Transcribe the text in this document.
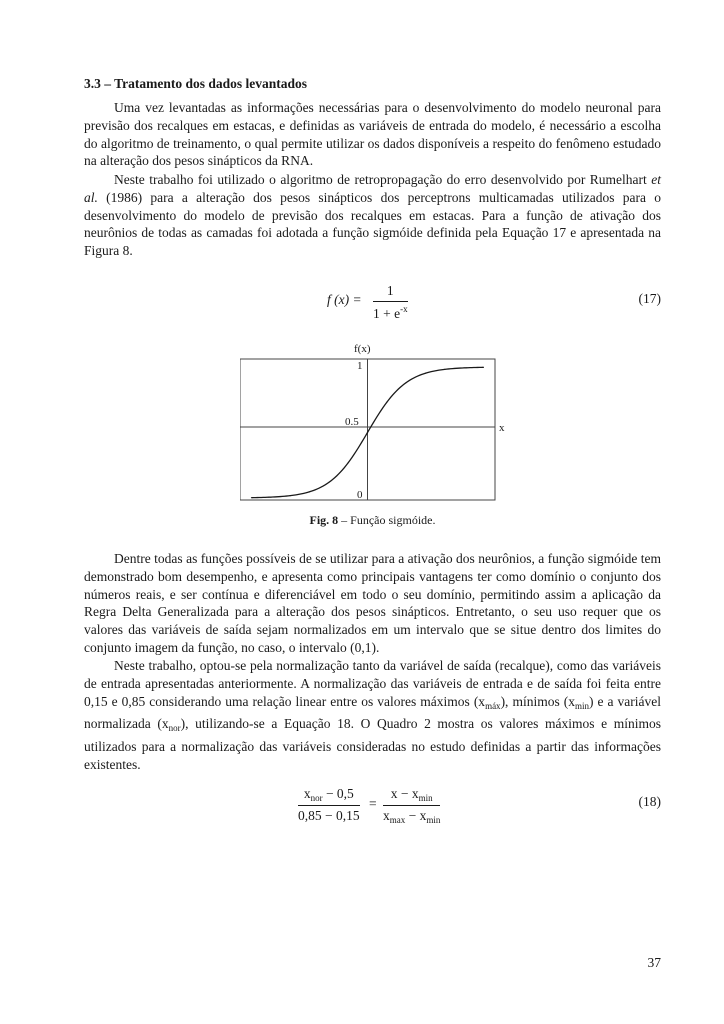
3.3 – Tratamento dos dados levantados

Uma vez levantadas as informações necessárias para o desenvolvimento do modelo neuronal para previsão dos recalques em estacas, e definidas as variáveis de entrada do modelo, é necessário a escolha do algoritmo de treinamento, o qual permite utilizar os dados disponíveis a respeito do fenômeno estudado na alteração dos pesos sinápticos da RNA.

Neste trabalho foi utilizado o algoritmo de retropropagação do erro desenvolvido por Rumelhart et al. (1986) para a alteração dos pesos sinápticos dos perceptrons multicamadas utilizados para o desenvolvimento do modelo de previsão dos recalques em estacas. Para a função de ativação dos neurônios de todas as camadas foi adotada a função sigmóide definida pela Equação 17 e apresentada na Figura 8.

f (x) =
1
$1 + e^{-x}$
(17)
f(x)
x
1
0.5
0
Fig. 8 – Função sigmóide.

Dentre todas as funções possíveis de se utilizar para a ativação dos neurônios, a função sigmóide tem demonstrado bom desempenho, e apresenta como principais vantagens ter como domínio o conjunto dos números reais, e ser contínua e diferenciável em todo o seu domínio, permitindo assim a aplicação da Regra Delta Generalizada para a alteração dos pesos sinápticos. Entretanto, o seu uso requer que os valores das variáveis de saída sejam normalizados em um intervalo que se situe dentro dos limites do conjunto imagem da função, no caso, o intervalo (0,1).

Neste trabalho, optou-se pela normalização tanto da variável de saída (recalque), como das variáveis de entrada apresentadas anteriormente. A normalização das variáveis de entrada e de saída foi feita entre 0,15 e 0,85 considerando uma relação linear entre os valores máximos $(x_{máx})$, mínimos $(x_{min})$ e a variável normalizada $(x_{nor})$, utilizando-se a Equação 18. O Quadro 2 mostra os valores máximos e mínimos utilizados para a normalização das variáveis consideradas no estudo definidas a partir das informações existentes.

$x_{nor} - 0,5$
0,85 − 0,15
=
$x - x_{min}$
$x_{max} - x_{min}$
(18)
37
